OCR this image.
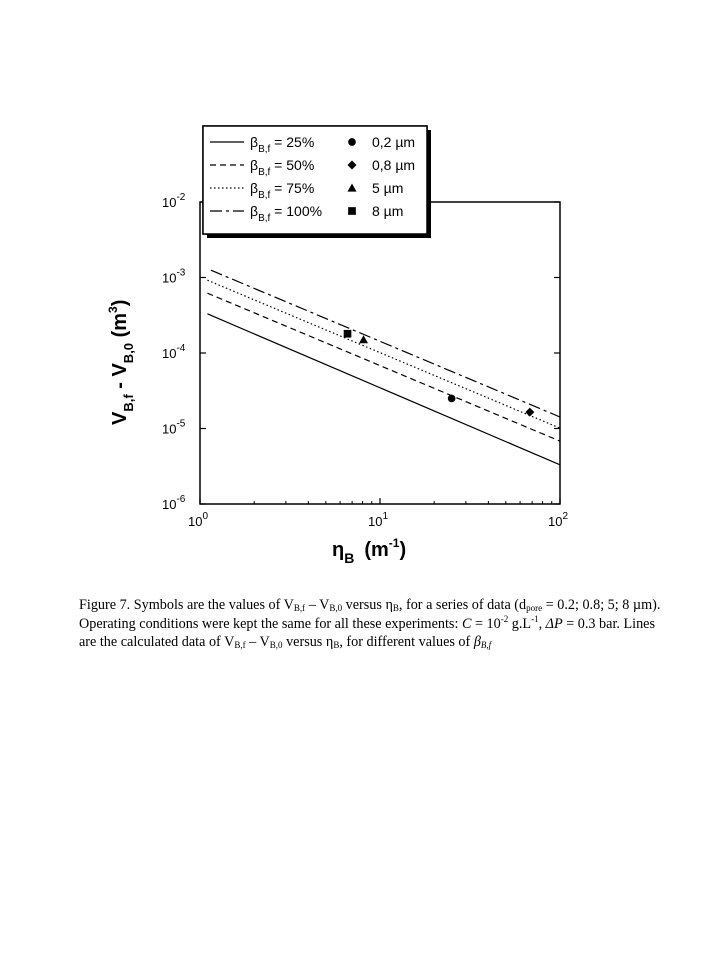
$10^0$	$10^1$	$10^2$
$10^{-6}$
$10^{-5}$
$10^{-4}$
$10^{-3}$
$10^{-2}$
$\beta_{B,f} = 25\%$
$\beta_{B,f} = 50\%$
$\beta_{B,f} = 75\%$
$\beta_{B,f} = 100\%$
0,2 µm
0,8 µm
5 µm
8 µm
$\eta_B$ $(m^{-1})$
$V_{B,f} - V_{B,0}$ $(m^3)$
Figure 7. Symbols are the values of $V_{B,f} - V_{B,0}$ versus $\eta_B$, for a series of data ($d_{pore} = 0.2$; 0.8; 5; 8 µm). Operating conditions were kept the same for all these experiments: $C = 10^{-2}$ $g.L^{-1}$, ΔP = 0.3 bar. Lines are the calculated data of $V_{B,f} - V_{B,0}$ versus $\eta_B$, for different values of $\beta_{B,f}$
